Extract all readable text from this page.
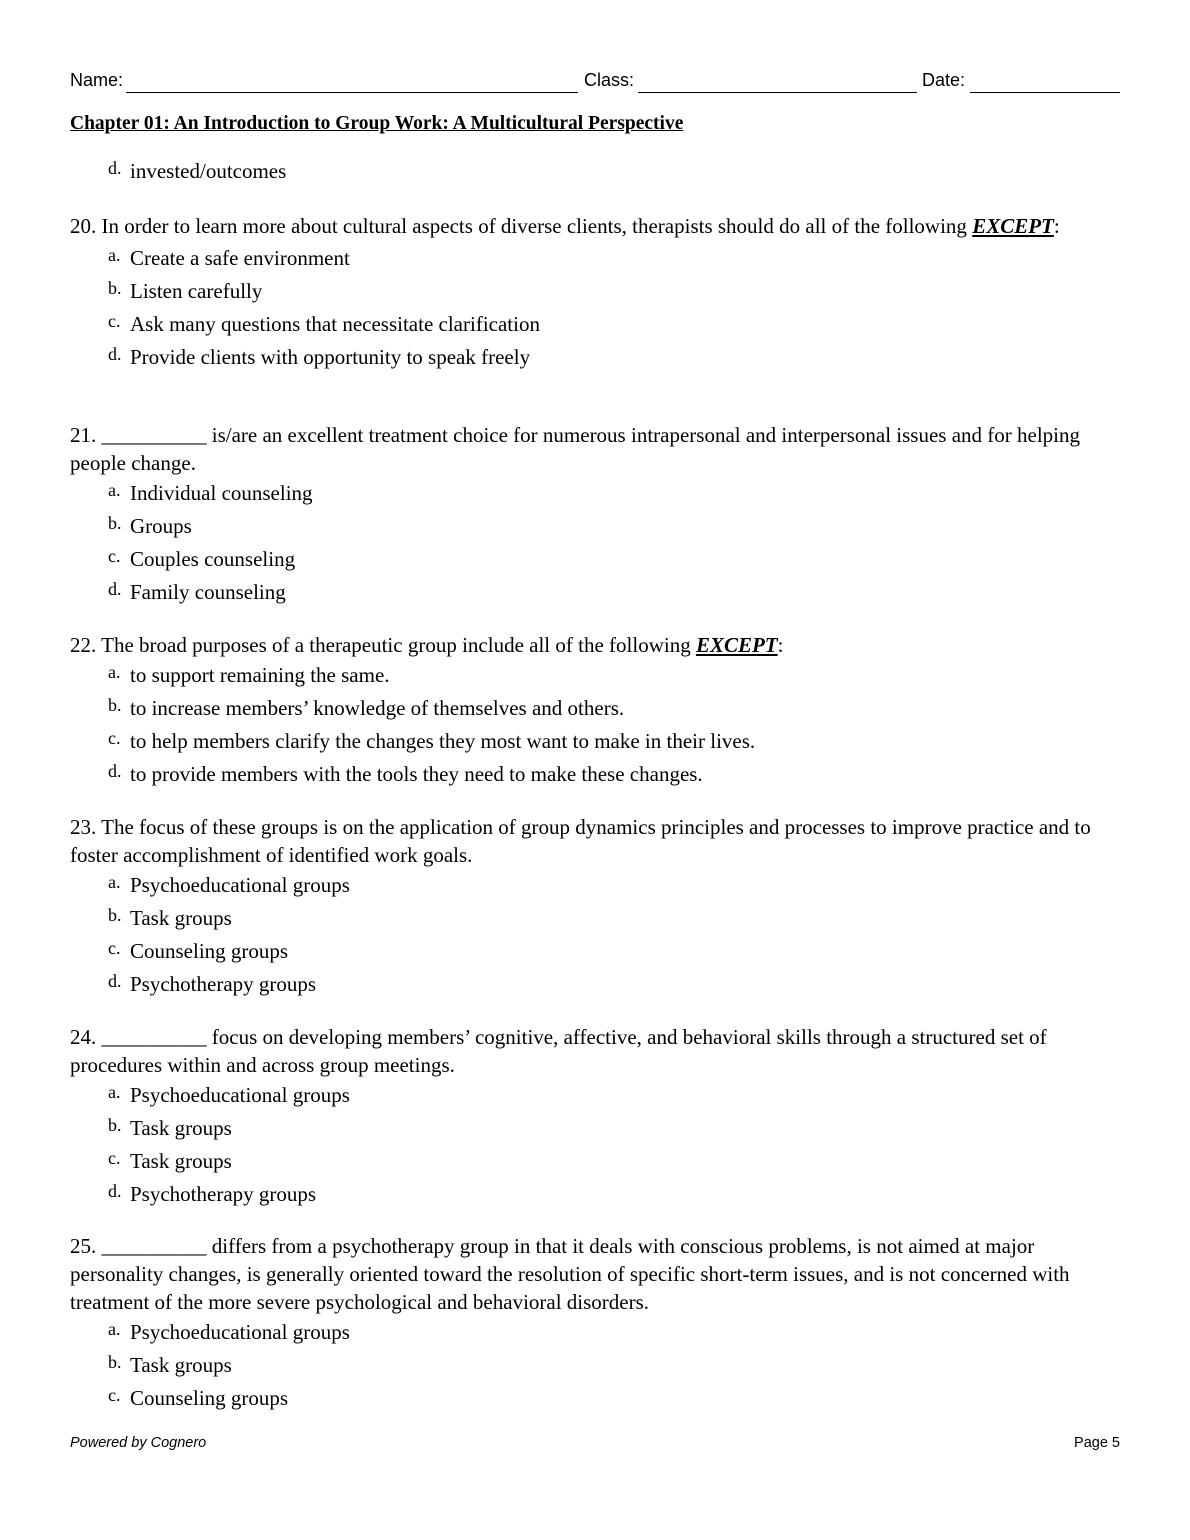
Name:	Class:	Date:
Chapter 01: An Introduction to Group Work: A Multicultural Perspective
d. invested/outcomes

20. In order to learn more about cultural aspects of diverse clients, therapists should do all of the following EXCEPT:

a. Create a safe environment
b. Listen carefully
c. Ask many questions that necessitate clarification
d. Provide clients with opportunity to speak freely

21. __________ is/are an excellent treatment choice for numerous intrapersonal and interpersonal issues and for helping people change.

a. Individual counseling
b. Groups
c. Couples counseling
d. Family counseling

22. The broad purposes of a therapeutic group include all of the following EXCEPT:

a. to support remaining the same.
b. to increase members’ knowledge of themselves and others.
c. to help members clarify the changes they most want to make in their lives.
d. to provide members with the tools they need to make these changes.

23. The focus of these groups is on the application of group dynamics principles and processes to improve practice and to foster accomplishment of identified work goals.

a. Psychoeducational groups
b. Task groups
c. Counseling groups
d. Psychotherapy groups

24. __________ focus on developing members’ cognitive, affective, and behavioral skills through a structured set of procedures within and across group meetings.

a. Psychoeducational groups
b. Task groups
c. Task groups
d. Psychotherapy groups

25. __________ differs from a psychotherapy group in that it deals with conscious problems, is not aimed at major personality changes, is generally oriented toward the resolution of specific short-term issues, and is not concerned with treatment of the more severe psychological and behavioral disorders.

a. Psychoeducational groups
b. Task groups
c. Counseling groups
Powered by Cognero	Page 5
